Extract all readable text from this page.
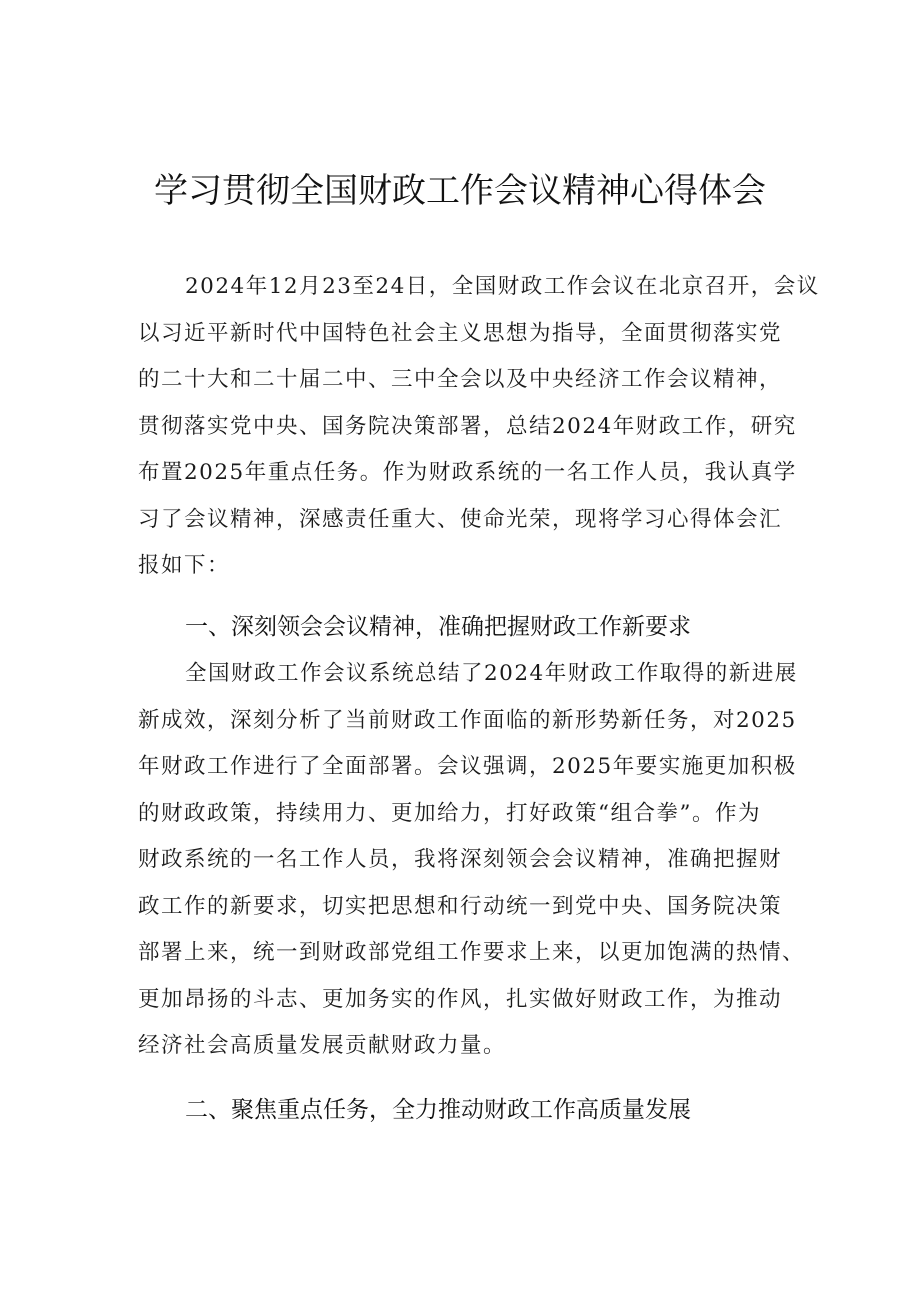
学习贯彻全国财政工作会议精神心得体会
2024年12月23至24日，全国财政工作会议在北京召开，会议
以习近平新时代中国特色社会主义思想为指导，全面贯彻落实党
的二十大和二十届二中、三中全会以及中央经济工作会议精神，
贯彻落实党中央、国务院决策部署，总结2024年财政工作，研究
布置2025年重点任务。作为财政系统的一名工作人员，我认真学
习了会议精神，深感责任重大、使命光荣，现将学习心得体会汇
报如下：
一、深刻领会会议精神，准确把握财政工作新要求
全国财政工作会议系统总结了2024年财政工作取得的新进展
新成效，深刻分析了当前财政工作面临的新形势新任务，对2025
年财政工作进行了全面部署。会议强调，2025年要实施更加积极
的财政政策，持续用力、更加给力，打好政策“组合拳”。作为
财政系统的一名工作人员，我将深刻领会会议精神，准确把握财
政工作的新要求，切实把思想和行动统一到党中央、国务院决策
部署上来，统一到财政部党组工作要求上来，以更加饱满的热情、
更加昂扬的斗志、更加务实的作风，扎实做好财政工作，为推动
经济社会高质量发展贡献财政力量。
二、聚焦重点任务，全力推动财政工作高质量发展
